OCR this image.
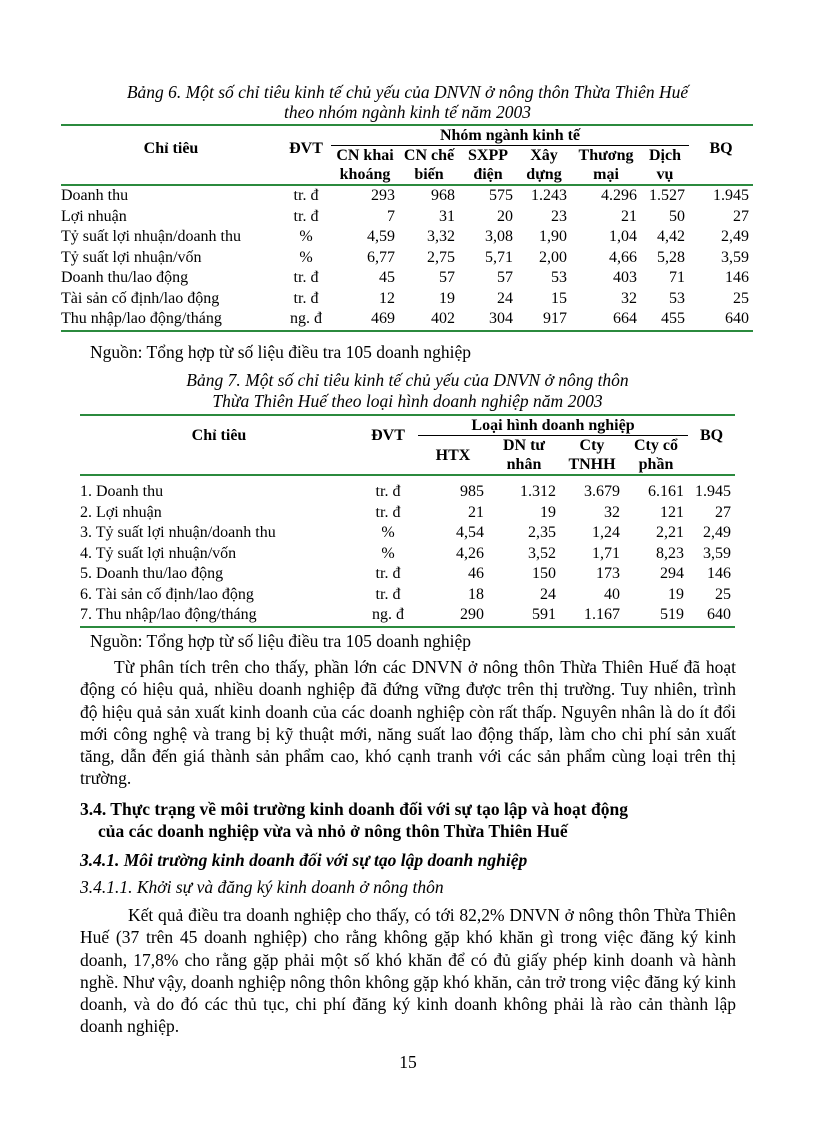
Bảng 6. Một số chỉ tiêu kinh tế chủ yếu của DNVN ở nông thôn Thừa Thiên Huế
theo nhóm ngành kinh tế năm 2003
Chỉ tiêu	ĐVT	Nhóm ngành kinh tế						BQ
		CN khai khoáng	CN chế biến	SXPP điện	Xây dựng	Thương mại	Dịch vụ	
Doanh thu	tr. đ	293	968	575	1.243	4.296	1.527	1.945
Lợi nhuận	tr. đ	7	31	20	23	21	50	27
Tỷ suất lợi nhuận/doanh thu	%	4,59	3,32	3,08	1,90	1,04	4,42	2,49
Tỷ suất lợi nhuận/vốn	%	6,77	2,75	5,71	2,00	4,66	5,28	3,59
Doanh thu/lao động	tr. đ	45	57	57	53	403	71	146
Tài sản cố định/lao động	tr. đ	12	19	24	15	32	53	25
Thu nhập/lao động/tháng	ng. đ	469	402	304	917	664	455	640
Nguồn: Tổng hợp từ số liệu điều tra 105 doanh nghiệp
Bảng 7. Một số chỉ tiêu kinh tế chủ yếu của DNVN ở nông thôn
Thừa Thiên Huế theo loại hình doanh nghiệp năm 2003
Chỉ tiêu	ĐVT	Loại hình doanh nghiệp				BQ
		HTX	DN tư nhân	Cty TNHH	Cty cổ phần	

1. Doanh thu	tr. đ	985	1.312	3.679	6.161	1.945
2. Lợi nhuận	tr. đ	21	19	32	121	27
3. Tỷ suất lợi nhuận/doanh thu	%	4,54	2,35	1,24	2,21	2,49
4. Tỷ suất lợi nhuận/vốn	%	4,26	3,52	1,71	8,23	3,59
5. Doanh thu/lao động	tr. đ	46	150	173	294	146
6. Tài sản cố định/lao động	tr. đ	18	24	40	19	25
7. Thu nhập/lao động/tháng	ng. đ	290	591	1.167	519	640
Nguồn: Tổng hợp từ số liệu điều tra 105 doanh nghiệp
Từ phân tích trên cho thấy, phần lớn các DNVN ở nông thôn Thừa Thiên Huế đã hoạt động có hiệu quả, nhiều doanh nghiệp đã đứng vững được trên thị trường. Tuy nhiên, trình độ hiệu quả sản xuất kinh doanh của các doanh nghiệp còn rất thấp. Nguyên nhân là do ít đổi mới công nghệ và trang bị kỹ thuật mới, năng suất lao động thấp, làm cho chi phí sản xuất tăng, dẫn đến giá thành sản phẩm cao, khó cạnh tranh với các sản phẩm cùng loại trên thị trường.
3.4. Thực trạng về môi trường kinh doanh đối với sự tạo lập và hoạt động
của các doanh nghiệp vừa và nhỏ ở nông thôn Thừa Thiên Huế
3.4.1. Môi trường kinh doanh đối với sự tạo lập doanh nghiệp
3.4.1.1. Khởi sự và đăng ký kinh doanh ở nông thôn
Kết quả điều tra doanh nghiệp cho thấy, có tới 82,2% DNVN ở nông thôn Thừa Thiên Huế (37 trên 45 doanh nghiệp) cho rằng không gặp khó khăn gì trong việc đăng ký kinh doanh, 17,8% cho rằng gặp phải một số khó khăn để có đủ giấy phép kinh doanh và hành nghề. Như vậy, doanh nghiệp nông thôn không gặp khó khăn, cản trở trong việc đăng ký kinh doanh, và do đó các thủ tục, chi phí đăng ký kinh doanh không phải là rào cản thành lập doanh nghiệp.
15
